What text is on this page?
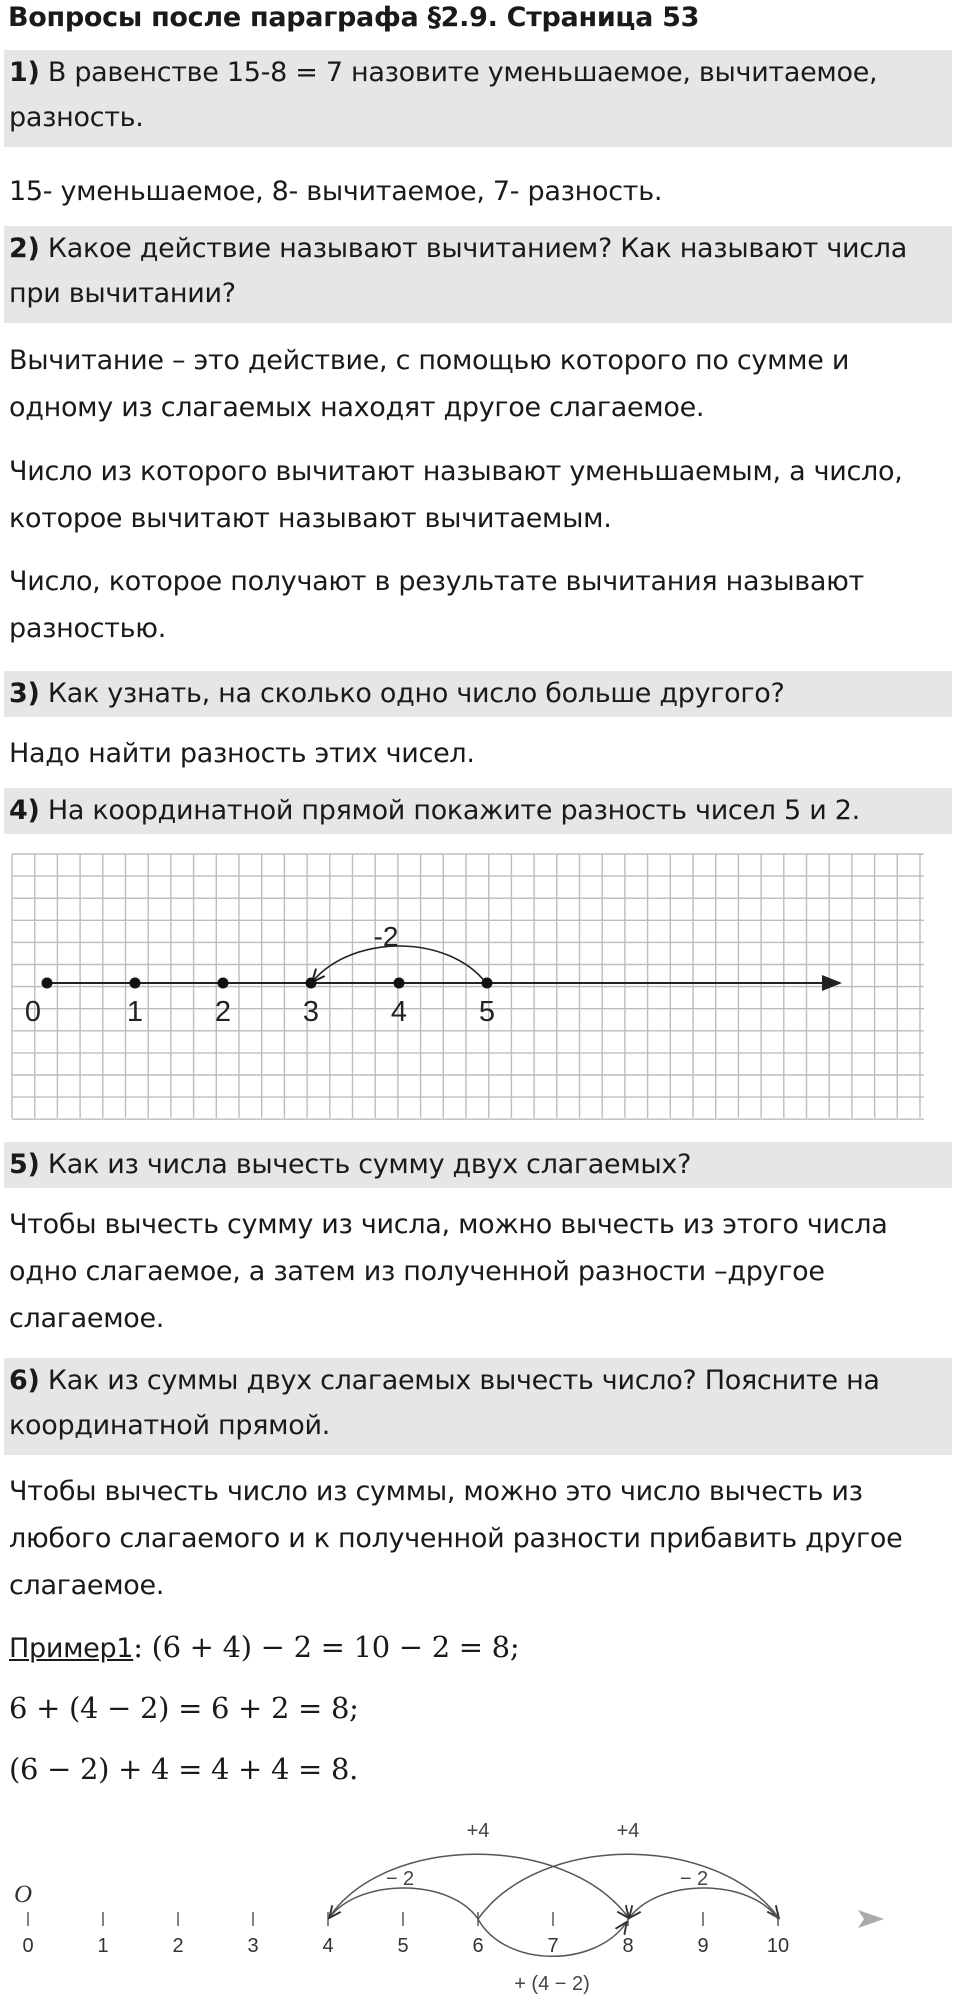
Вопросы после параграфа §2.9. Страница 53
1) В равенстве 15-8 = 7 назовите уменьшаемое, вычитаемое, разность.
15- уменьшаемое, 8- вычитаемое, 7- разность.
2) Какое действие называют вычитанием? Как называют числа при вычитании?
Вычитание – это действие, с помощью которого по сумме и одному из слагаемых находят другое слагаемое.
Число из которого вычитают называют уменьшаемым, а число, которое вычитают называют вычитаемым.
Число, которое получают в результате вычитания называют разностью.
3) Как узнать, на сколько одно число больше другого?
Надо найти разность этих чисел.
4) На координатной прямой покажите разность чисел 5 и 2.
-2
0	1 2 3 4 5
5) Как из числа вычесть сумму двух слагаемых?
Чтобы вычесть сумму из числа, можно вычесть из этого числа одно слагаемое, а затем из полученной разности –другое слагаемое.
6) Как из суммы двух слагаемых вычесть число? Поясните на координатной прямой.
Чтобы вычесть число из суммы, можно это число вычесть из любого слагаемого и к полученной разности прибавить другое слагаемое.
Пример1: (6 + 4) − 2 = 10 − 2 = 8;
6 + (4 − 2) = 6 + 2 = 8;
(6 − 2) + 4 = 4 + 4 = 8.
O
0	1	2	3	4	5	6	7	8	9	10
+4	+4
− 2	− 2
+ (4 − 2)
